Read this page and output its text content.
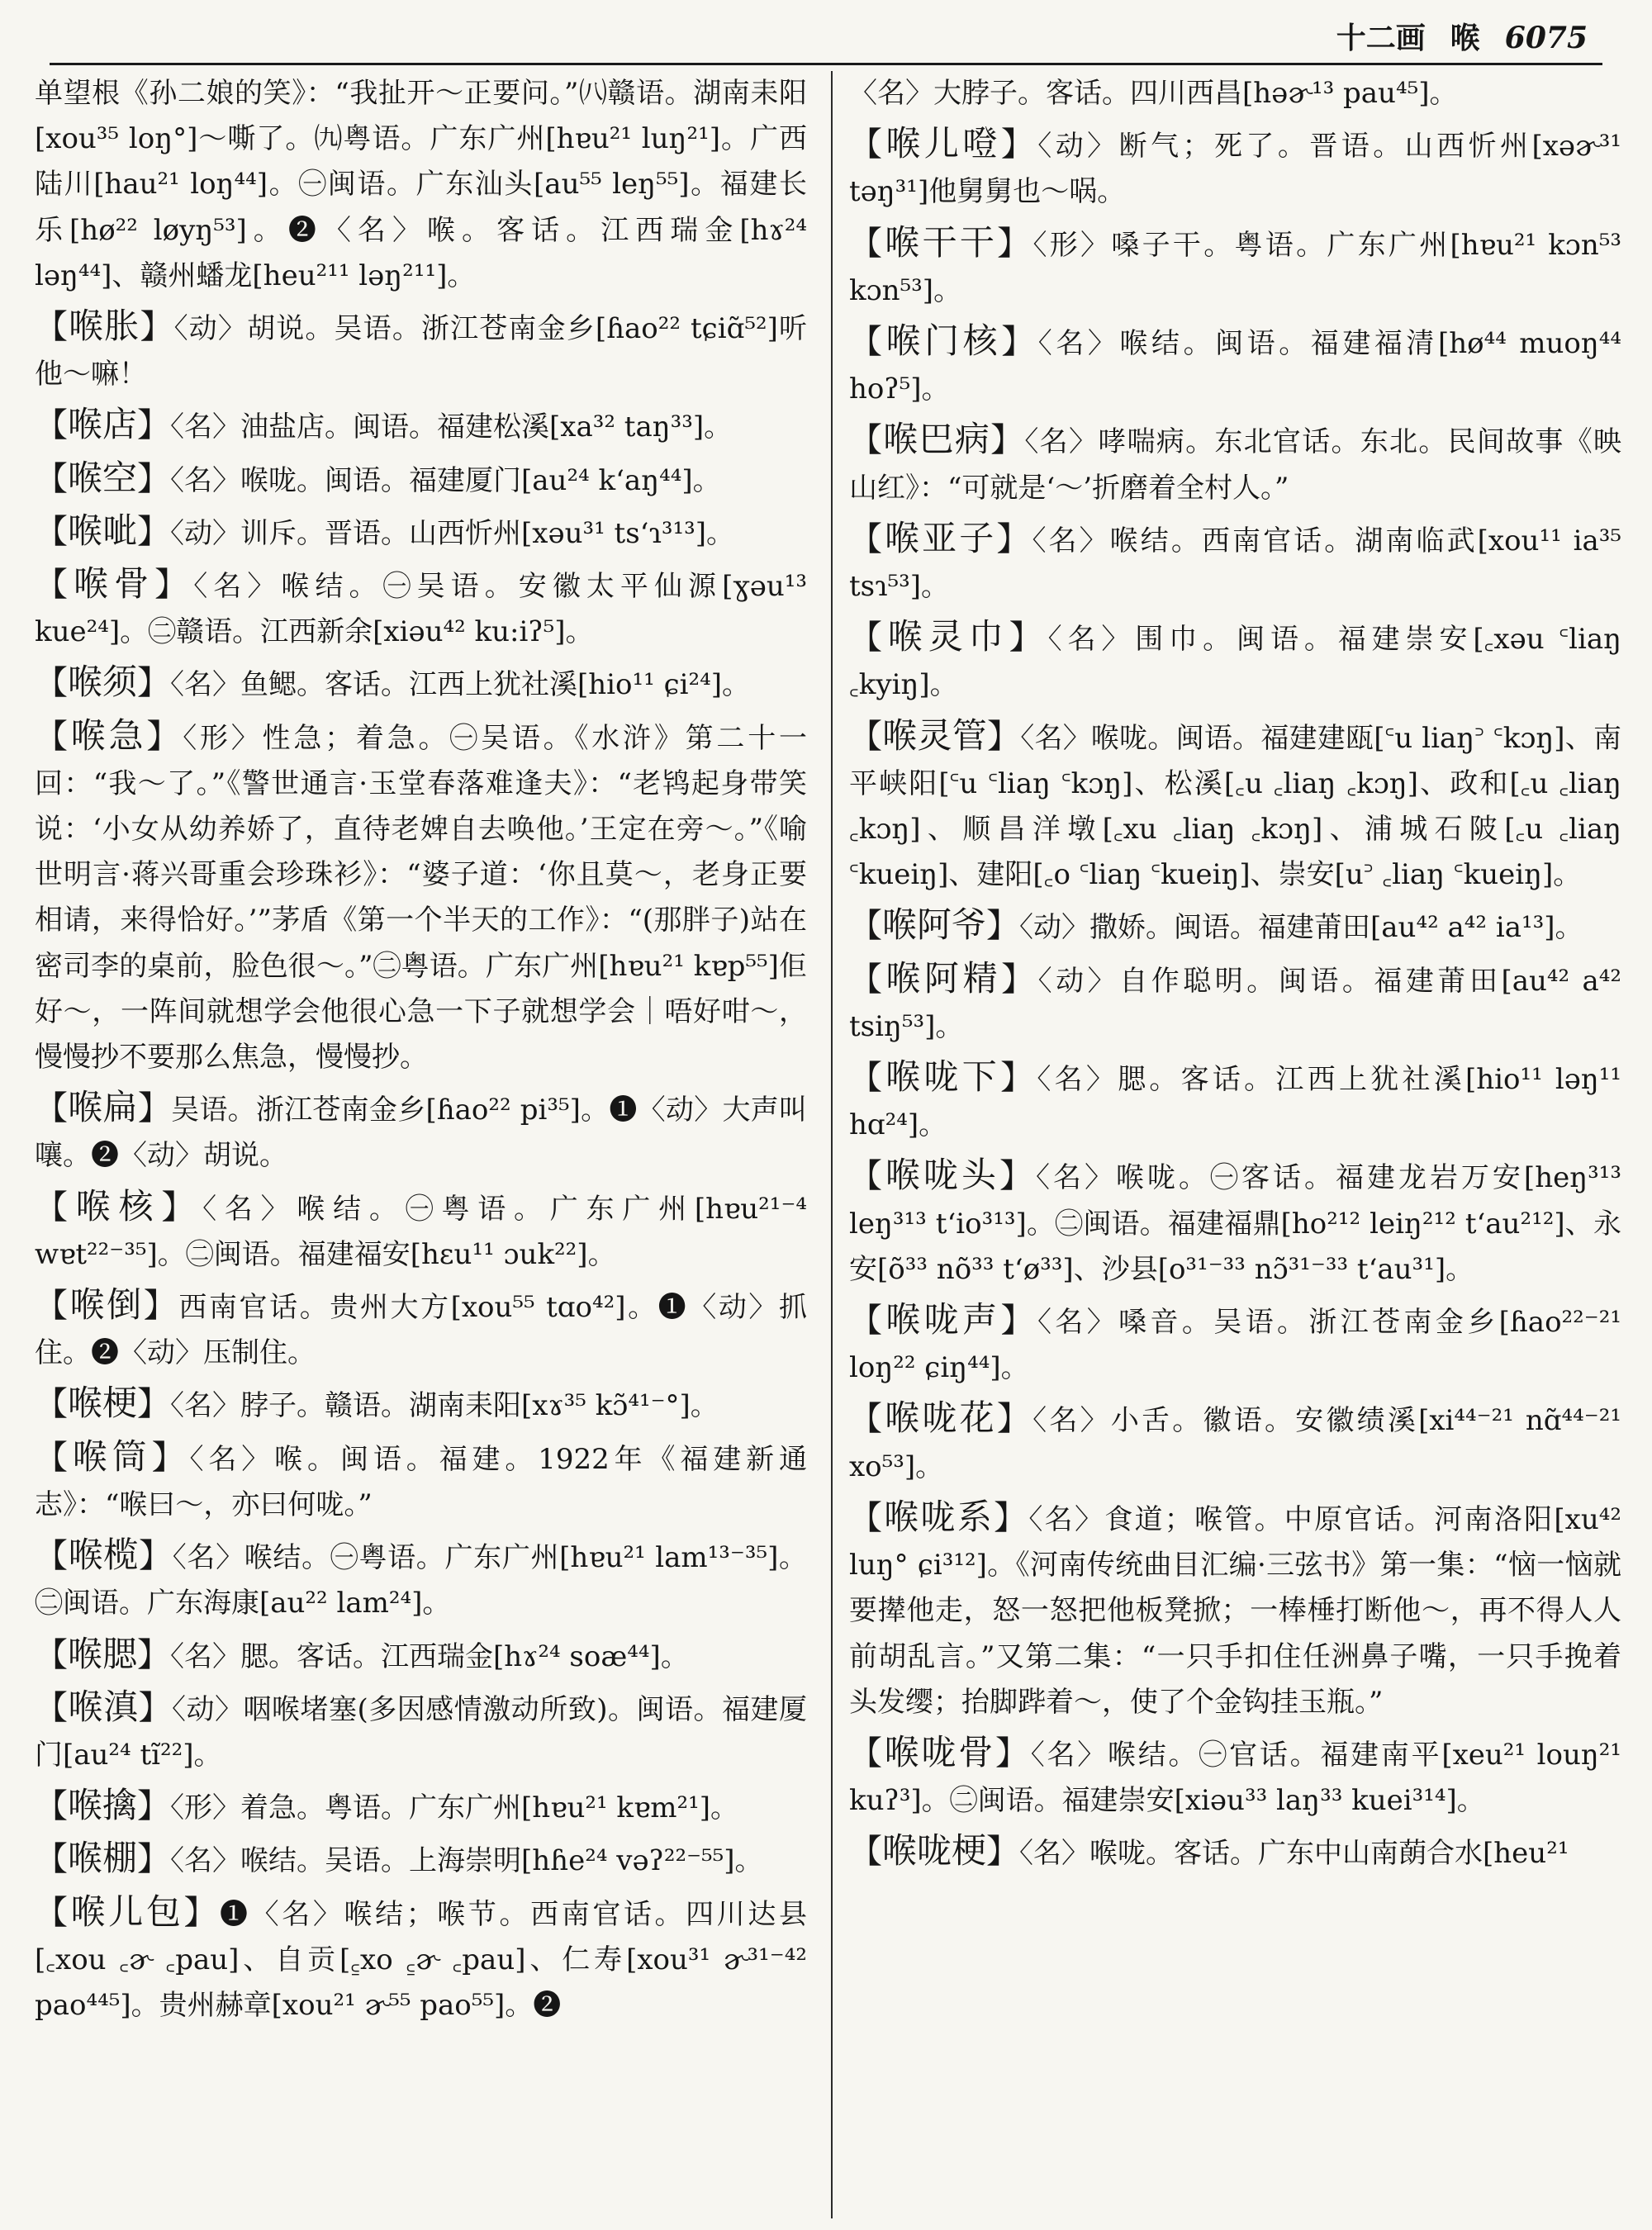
十二画 喉 6075

单望根《孙二娘的笑》：“我扯开～正要问。”㈧赣语。湖南耒阳[xou³⁵ loŋ°]～嘶了。㈨粤语。广东广州[hɐu²¹ luŋ²¹]。广西陆川[hau²¹ loŋ⁴⁴]。㊀闽语。广东汕头[au⁵⁵ leŋ⁵⁵]。福建长乐[hø²² løyŋ⁵³]。❷〈名〉喉。客话。江西瑞金[hɤ²⁴ ləŋ⁴⁴]、赣州蟠龙[heu²¹¹ ləŋ²¹¹]。

【 喉胀 】 〈动〉胡说。吴语。浙江苍南金乡[ɦao²² tɕiɑ̃⁵²]听他～嘛！

【 喉店 】 〈名〉油盐店。闽语。福建松溪[xa³² taŋ³³]。

【 喉空 】 〈名〉喉咙。闽语。福建厦门[au²⁴ k‘aŋ⁴⁴]。

【 喉呲 】 〈动〉训斥。晋语。山西忻州[xəu³¹ ts‘ɿ³¹³]。

【 喉骨 】 〈名〉喉结。㊀吴语。安徽太平仙源[ɣəu¹³ kue²⁴]。㊁赣语。江西新余[xiəu⁴² ku:iʔ⁵]。

【 喉须 】 〈名〉鱼鳃。客话。江西上犹社溪[hio¹¹ ɕi²⁴]。

【 喉急 】 〈形〉性急；着急。㊀吴语。《水浒》第二十一回：“我～了。”《警世通言·玉堂春落难逢夫》：“老鸨起身带笑说：‘小女从幼养娇了，直待老婢自去唤他。’王定在旁～。”《喻世明言·蒋兴哥重会珍珠衫》：“婆子道：‘你且莫～，老身正要相请，来得恰好。’”茅盾《第一个半天的工作》：“(那胖子)站在密司李的桌前，脸色很～。”㊁粤语。广东广州[hɐu²¹ kɐp⁵⁵]佢好～，一阵间就想学会他很心急一下子就想学会｜唔好咁～，慢慢抄不要那么焦急，慢慢抄。

【 喉扁 】 吴语。浙江苍南金乡[ɦao²² pi³⁵]。❶〈动〉大声叫嚷。❷〈动〉胡说。

【 喉核 】 〈名〉喉结。㊀粤语。广东广州[hɐu²¹⁻⁴ wɐt²²⁻³⁵]。㊁闽语。福建福安[hɛu¹¹ ɔuk²²]。

【 喉倒 】 西南官话。贵州大方[xou⁵⁵ tɑo⁴²]。❶〈动〉抓住。❷〈动〉压制住。

【 喉梗 】 〈名〉脖子。赣语。湖南耒阳[xɤ³⁵ kɔ̃⁴¹⁻°]。

【 喉筒 】 〈名〉喉。闽语。福建。1922年《福建新通志》：“喉曰～，亦曰何咙。”

【 喉榄 】 〈名〉喉结。㊀粤语。广东广州[hɐu²¹ lam¹³⁻³⁵]。㊁闽语。广东海康[au²² lam²⁴]。

【 喉腮 】 〈名〉腮。客话。江西瑞金[hɤ²⁴ soæ⁴⁴]。

【 喉滇 】 〈动〉咽喉堵塞(多因感情激动所致)。闽语。福建厦门[au²⁴ tĩ²²]。

【 喉擒 】 〈形〉着急。粤语。广东广州[hɐu²¹ kɐm²¹]。

【 喉棚 】 〈名〉喉结。吴语。上海崇明[hɦe²⁴ vəʔ²²⁻⁵⁵]。

【 喉儿包 】 ❶〈名〉喉结；喉节。西南官话。四川达县[꜀xou ꜀ɚ ꜀pau]、自贡[꜁xo ꜁ɚ ꜀pau]、仁寿[xou³¹ ɚ³¹⁻⁴² pao⁴⁴⁵]。贵州赫章[xou²¹ ɚ⁵⁵ pao⁵⁵]。❷

〈名〉大脖子。客话。四川西昌[həɚ¹³ pau⁴⁵]。

【 喉儿噔 】 〈动〉断气；死了。晋语。山西忻州[xəɚ³¹ təŋ³¹]他舅舅也～㖞。

【 喉干干 】 〈形〉嗓子干。粤语。广东广州[hɐu²¹ kɔn⁵³ kɔn⁵³]。

【 喉门核 】 〈名〉喉结。闽语。福建福清[hø⁴⁴ muoŋ⁴⁴ hoʔ⁵]。

【 喉巴病 】 〈名〉哮喘病。东北官话。东北。民间故事《映山红》：“可就是‘～’折磨着全村人。”

【 喉亚子 】 〈名〉喉结。西南官话。湖南临武[xou¹¹ ia³⁵ tsɿ⁵³]。

【 喉灵巾 】 〈名〉围巾。闽语。福建崇安[꜀xəu ꜂liaŋ ꜀kyiŋ]。

【 喉灵管 】 〈名〉喉咙。闽语。福建建瓯[꜂u liaŋ꜄ ꜂kɔŋ]、南平峡阳[꜂u ꜂liaŋ ꜂kɔŋ]、松溪[꜀u ꜀liaŋ ꜀kɔŋ]、政和[꜀u ꜀liaŋ ꜀kɔŋ]、顺昌洋墩[꜀xu ꜀liaŋ ꜀kɔŋ]、浦城石陂[꜀u ꜀liaŋ ꜂kueiŋ]、建阳[꜀o ꜂liaŋ ꜂kueiŋ]、崇安[u꜄ ꜀liaŋ ꜂kueiŋ]。

【 喉阿爷 】 〈动〉撒娇。闽语。福建莆田[au⁴² a⁴² ia¹³]。

【 喉阿精 】 〈动〉自作聪明。闽语。福建莆田[au⁴² a⁴² tsiŋ⁵³]。

【 喉咙下 】 〈名〉腮。客话。江西上犹社溪[hio¹¹ ləŋ¹¹ hɑ²⁴]。

【 喉咙头 】 〈名〉喉咙。㊀客话。福建龙岩万安[heŋ³¹³ leŋ³¹³ t‘io³¹³]。㊁闽语。福建福鼎[ho²¹² leiŋ²¹² t‘au²¹²]、永安[õ³³ nõ³³ t‘ø³³]、沙县[o³¹⁻³³ nɔ̃³¹⁻³³ t‘au³¹]。

【 喉咙声 】 〈名〉嗓音。吴语。浙江苍南金乡[ɦao²²⁻²¹ loŋ²² ɕiŋ⁴⁴]。

【 喉咙花 】 〈名〉小舌。徽语。安徽绩溪[xi⁴⁴⁻²¹ nɑ̃⁴⁴⁻²¹ xo⁵³]。

【 喉咙系 】 〈名〉食道；喉管。中原官话。河南洛阳[xu⁴² luŋ° ɕi³¹²]。《河南传统曲目汇编·三弦书》第一集：“恼一恼就要撵他走，怒一怒把他板凳掀；一棒棰打断他～，再不得人人前胡乱言。”又第二集：“一只手扣住任洲鼻子嘴，一只手挽着头发缨；抬脚跸着～，使了个金钩挂玉瓶。”

【 喉咙骨 】 〈名〉喉结。㊀官话。福建南平[xeu²¹ louŋ²¹ kuʔ³]。㊁闽语。福建崇安[xiəu³³ laŋ³³ kuei³¹⁴]。

【 喉咙梗 】 〈名〉喉咙。客话。广东中山南蓢合水[heu²¹
